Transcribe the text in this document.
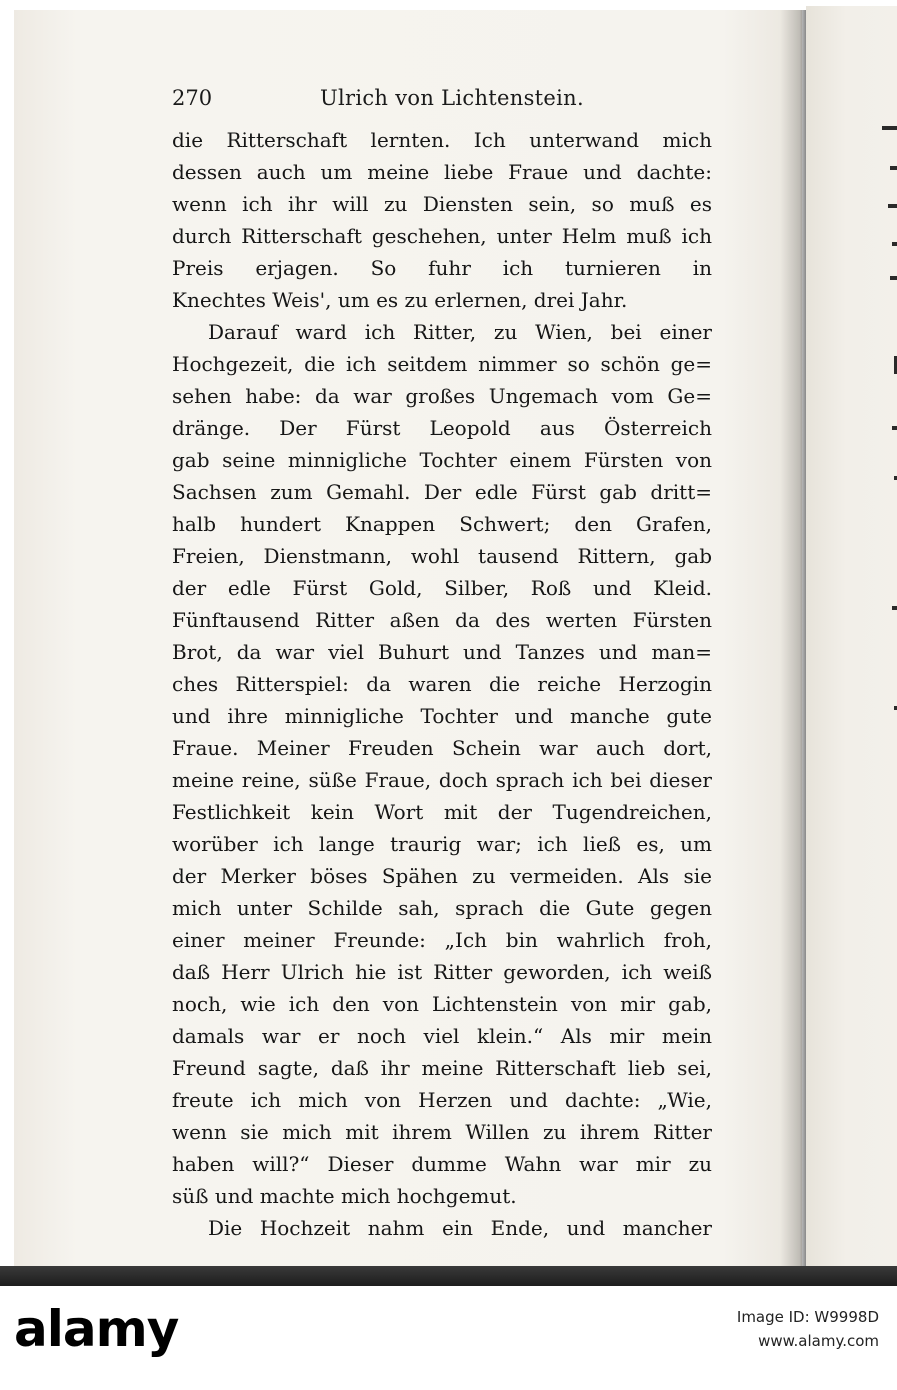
270	Ulrich von Lichtenstein.
die Ritterschaft lernten. Ich unterwand mich
dessen auch um meine liebe Fraue und dachte:
wenn ich ihr will zu Diensten sein, so muß es
durch Ritterschaft geschehen, unter Helm muß ich
Preis erjagen. So fuhr ich turnieren in
Knechtes Weis', um es zu erlernen, drei Jahr.
Darauf ward ich Ritter, zu Wien, bei einer
Hochgezeit, die ich seitdem nimmer so schön ge=
sehen habe: da war großes Ungemach vom Ge=
dränge. Der Fürst Leopold aus Österreich
gab seine minnigliche Tochter einem Fürsten von
Sachsen zum Gemahl. Der edle Fürst gab dritt=
halb hundert Knappen Schwert; den Grafen,
Freien, Dienstmann, wohl tausend Rittern, gab
der edle Fürst Gold, Silber, Roß und Kleid.
Fünftausend Ritter aßen da des werten Fürsten
Brot, da war viel Buhurt und Tanzes und man=
ches Ritterspiel: da waren die reiche Herzogin
und ihre minnigliche Tochter und manche gute
Fraue. Meiner Freuden Schein war auch dort,
meine reine, süße Fraue, doch sprach ich bei dieser
Festlichkeit kein Wort mit der Tugendreichen,
worüber ich lange traurig war; ich ließ es, um
der Merker böses Spähen zu vermeiden. Als sie
mich unter Schilde sah, sprach die Gute gegen
einer meiner Freunde: „Ich bin wahrlich froh,
daß Herr Ulrich hie ist Ritter geworden, ich weiß
noch, wie ich den von Lichtenstein von mir gab,
damals war er noch viel klein.“ Als mir mein
Freund sagte, daß ihr meine Ritterschaft lieb sei,
freute ich mich von Herzen und dachte: „Wie,
wenn sie mich mit ihrem Willen zu ihrem Ritter
haben will?“ Dieser dumme Wahn war mir zu
süß und machte mich hochgemut.
Die Hochzeit nahm ein Ende, und mancher
alamy	Image ID: W9998D
www.alamy.com
